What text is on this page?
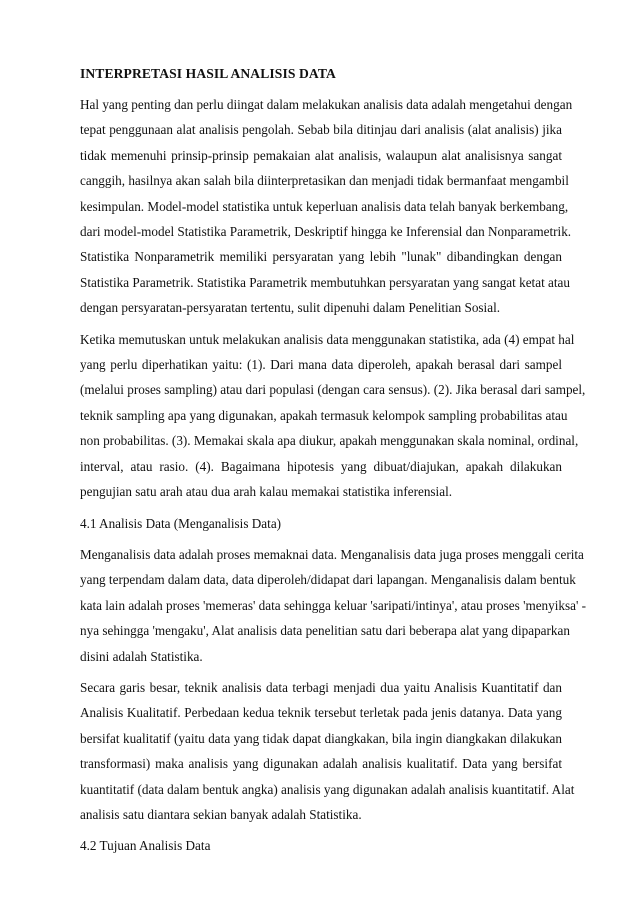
INTERPRETASI HASIL ANALISIS DATA
Hal yang penting dan perlu diingat dalam melakukan analisis data adalah mengetahui dengan
tepat penggunaan alat analisis pengolah. Sebab bila ditinjau dari analisis (alat analisis) jika
tidak memenuhi prinsip-prinsip pemakaian alat analisis, walaupun alat analisisnya sangat
canggih, hasilnya akan salah bila diinterpretasikan dan menjadi tidak bermanfaat mengambil
kesimpulan. Model-model statistika untuk keperluan analisis data telah banyak berkembang,
dari model-model Statistika Parametrik, Deskriptif hingga ke Inferensial dan Nonparametrik.
Statistika Nonparametrik memiliki persyaratan yang lebih "lunak" dibandingkan dengan
Statistika Parametrik. Statistika Parametrik membutuhkan persyaratan yang sangat ketat atau
dengan persyaratan-persyaratan tertentu, sulit dipenuhi dalam Penelitian Sosial.
Ketika memutuskan untuk melakukan analisis data menggunakan statistika, ada (4) empat hal
yang perlu diperhatikan yaitu: (1). Dari mana data diperoleh, apakah berasal dari sampel
(melalui proses sampling) atau dari populasi (dengan cara sensus). (2). Jika berasal dari sampel,
teknik sampling apa yang digunakan, apakah termasuk kelompok sampling probabilitas atau
non probabilitas. (3). Memakai skala apa diukur, apakah menggunakan skala nominal, ordinal,
interval, atau rasio. (4). Bagaimana hipotesis yang dibuat/diajukan, apakah dilakukan
pengujian satu arah atau dua arah kalau memakai statistika inferensial.
4.1 Analisis Data (Menganalisis Data)
Menganalisis data adalah proses memaknai data. Menganalisis data juga proses menggali cerita
yang terpendam dalam data, data diperoleh/didapat dari lapangan. Menganalisis dalam bentuk
kata lain adalah proses 'memeras' data sehingga keluar 'saripati/intinya', atau proses 'menyiksa' -
nya sehingga 'mengaku', Alat analisis data penelitian satu dari beberapa alat yang dipaparkan
disini adalah Statistika.
Secara garis besar, teknik analisis data terbagi menjadi dua yaitu Analisis Kuantitatif dan
Analisis Kualitatif. Perbedaan kedua teknik tersebut terletak pada jenis datanya. Data yang
bersifat kualitatif (yaitu data yang tidak dapat diangkakan, bila ingin diangkakan dilakukan
transformasi) maka analisis yang digunakan adalah analisis kualitatif. Data yang bersifat
kuantitatif (data dalam bentuk angka) analisis yang digunakan adalah analisis kuantitatif. Alat
analisis satu diantara sekian banyak adalah Statistika.
4.2 Tujuan Analisis Data
